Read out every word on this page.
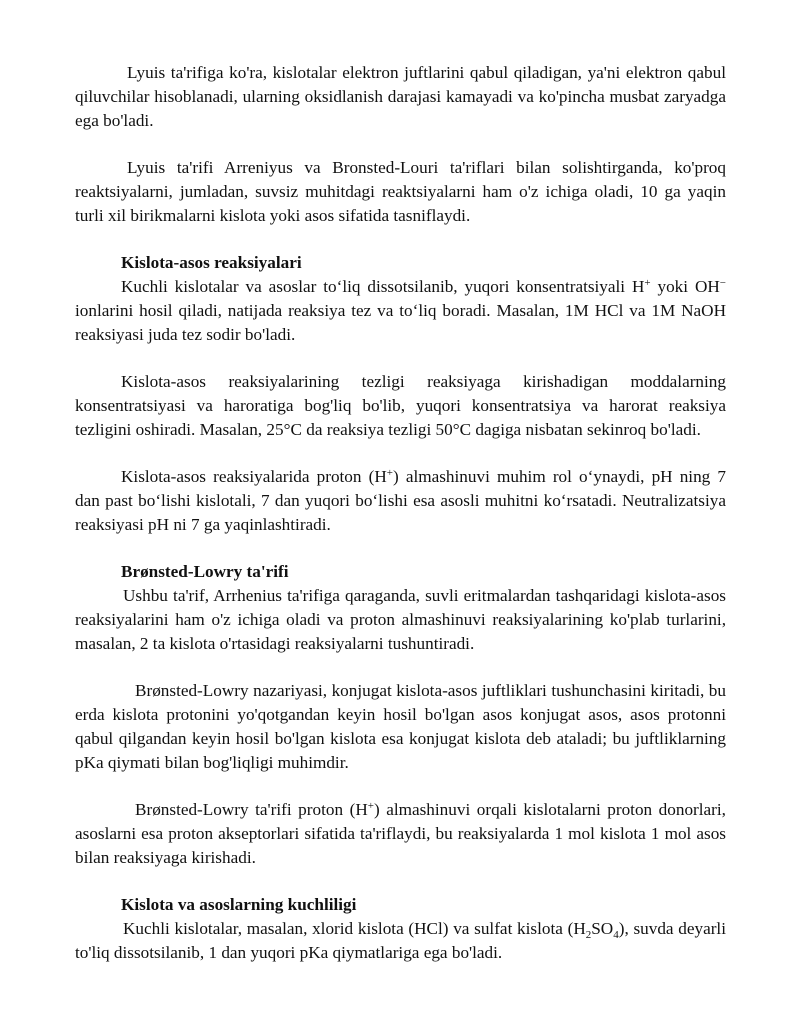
Lyuis ta'rifiga ko'ra, kislotalar elektron juftlarini qabul qiladigan, ya'ni elektron qabul qiluvchilar hisoblanadi, ularning oksidlanish darajasi kamayadi va ko'pincha musbat zaryadga ega bo'ladi.

Lyuis ta'rifi Arreniyus va Bronsted-Louri ta'riflari bilan solishtirganda, ko'proq reaktsiyalarni, jumladan, suvsiz muhitdagi reaktsiyalarni ham o'z ichiga oladi, 10 ga yaqin turli xil birikmalarni kislota yoki asos sifatida tasniflaydi.

Kislota-asos reaksiyalari

Kuchli kislotalar va asoslar to‘liq dissotsilanib, yuqori konsentratsiyali H+ yoki OH− ionlarini hosil qiladi, natijada reaksiya tez va to‘liq boradi. Masalan, 1M HCl va 1M NaOH reaksiyasi juda tez sodir bo'ladi.

Kislota-asos reaksiyalarining tezligi reaksiyaga kirishadigan moddalarning konsentratsiyasi va haroratiga bog'liq bo'lib, yuqori konsentratsiya va harorat reaksiya tezligini oshiradi. Masalan, 25°C da reaksiya tezligi 50°C dagiga nisbatan sekinroq bo'ladi.

Kislota-asos reaksiyalarida proton (H+) almashinuvi muhim rol o‘ynaydi, pH ning 7 dan past bo‘lishi kislotali, 7 dan yuqori bo‘lishi esa asosli muhitni ko‘rsatadi. Neutralizatsiya reaksiyasi pH ni 7 ga yaqinlashtiradi.

Brønsted-Lowry ta'rifi

Ushbu ta'rif, Arrhenius ta'rifiga qaraganda, suvli eritmalardan tashqaridagi kislota-asos reaksiyalarini ham o'z ichiga oladi va proton almashinuvi reaksiyalarining ko'plab turlarini, masalan, 2 ta kislota o'rtasidagi reaksiyalarni tushuntiradi.

Brønsted-Lowry nazariyasi, konjugat kislota-asos juftliklari tushunchasini kiritadi, bu erda kislota protonini yo'qotgandan keyin hosil bo'lgan asos konjugat asos, asos protonni qabul qilgandan keyin hosil bo'lgan kislota esa konjugat kislota deb ataladi; bu juftliklarning pKa qiymati bilan bog'liqligi muhimdir.

Brønsted-Lowry ta'rifi proton (H+) almashinuvi orqali kislotalarni proton donorlari, asoslarni esa proton akseptorlari sifatida ta'riflaydi, bu reaksiyalarda 1 mol kislota 1 mol asos bilan reaksiyaga kirishadi.

Kislota va asoslarning kuchliligi

Kuchli kislotalar, masalan, xlorid kislota (HCl) va sulfat kislota $(H_2SO_4)$, suvda deyarli to'liq dissotsilanib, 1 dan yuqori pKa qiymatlariga ega bo'ladi.
